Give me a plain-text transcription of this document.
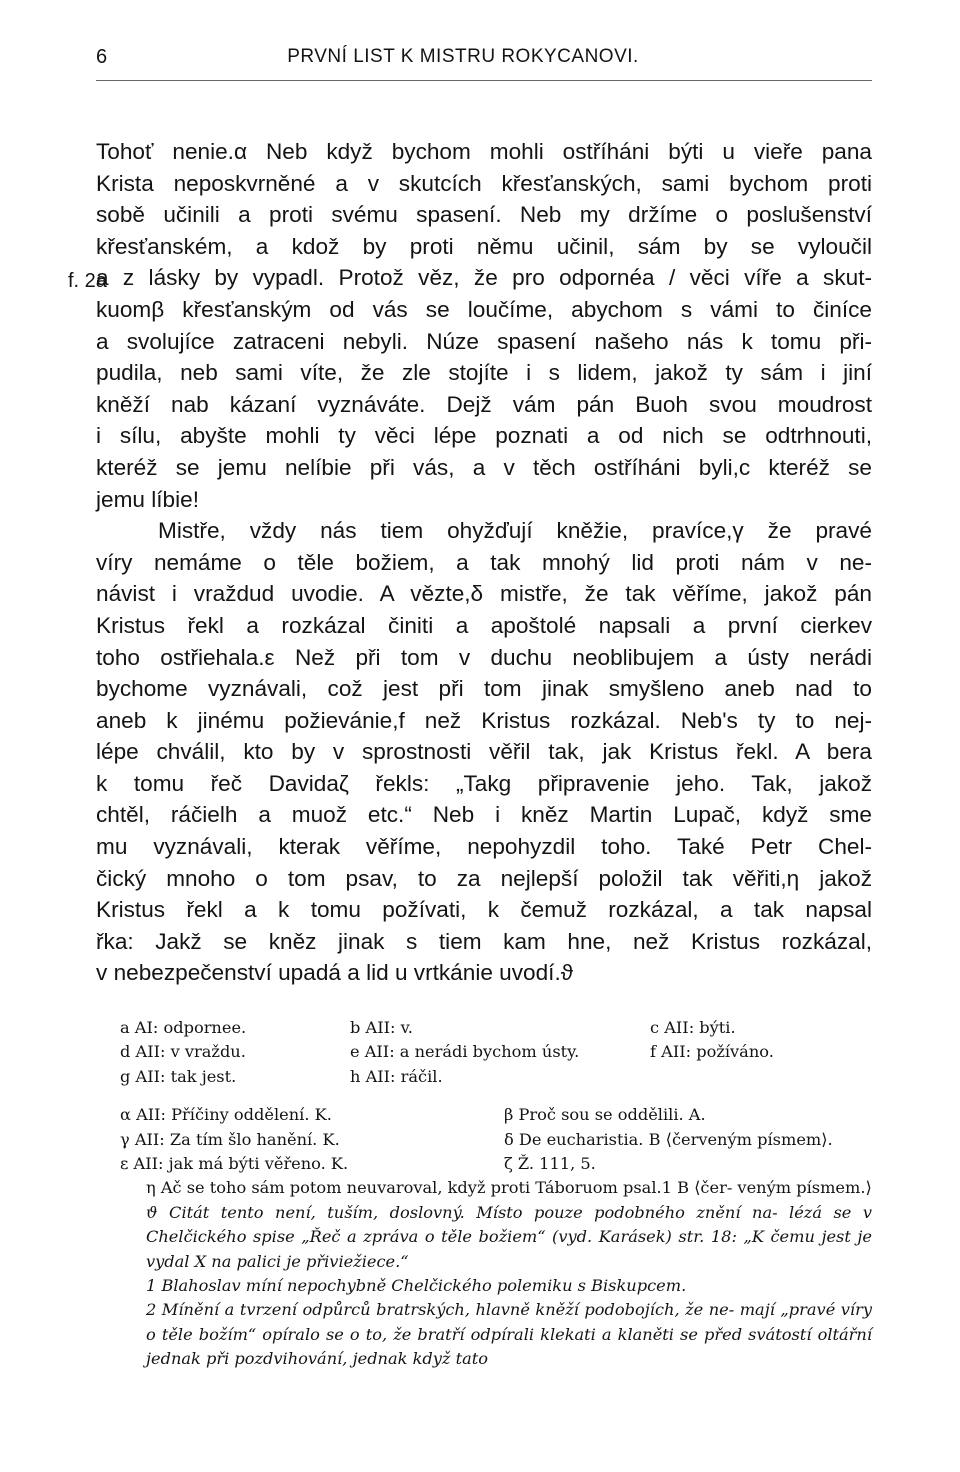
6	PRVNÍ LIST K MISTRU ROKYCANOVI.
f. 2a
Tohoť nenie.α Neb když bychom mohli ostříháni býti u vieře pana
Krista neposkvrněné a v skutcích křesťanských, sami bychom proti
sobě učinili a proti svému spasení. Neb my držíme o poslušenství
křesťanském, a kdož by proti němu učinil, sám by se vyloučil
a z lásky by vypadl. Protož věz, že pro odpornéa / věci víře a skut-
kuomβ křesťanským od vás se loučíme, abychom s vámi to činíce
a svolujíce zatraceni nebyli. Núze spasení našeho nás k tomu při-
pudila, neb sami víte, že zle stojíte i s lidem, jakož ty sám i jiní
kněží nab kázaní vyznáváte. Dejž vám pán Buoh svou moudrost
i sílu, abyšte mohli ty věci lépe poznati a od nich se odtrhnouti,
kteréž se jemu nelíbie při vás, a v těch ostříháni byli,c kteréž se
jemu líbie!
Mistře, vždy nás tiem ohyžďují kněžie, pravíce,γ že pravé
víry nemáme o těle božiem, a tak mnohý lid proti nám v ne-
návist i vraždud uvodie. A vězte,δ mistře, že tak věříme, jakož pán
Kristus řekl a rozkázal činiti a apoštolé napsali a první cierkev
toho ostřiehala.ε Než při tom v duchu neoblibujem a ústy nerádi
bychome vyznávali, což jest při tom jinak smyšleno aneb nad to
aneb k jinému požievánie,f než Kristus rozkázal. Neb's ty to nej-
lépe chválil, kto by v sprostnosti věřil tak, jak Kristus řekl. A bera
k tomu řeč Davidaζ řekls: „Takg připravenie jeho. Tak, jakož
chtěl, ráčielh a muož etc.“ Neb i kněz Martin Lupač, když sme
mu vyznávali, kterak věříme, nepohyzdil toho. Také Petr Chel-
čický mnoho o tom psav, to za nejlepší položil tak věřiti,η jakož
Kristus řekl a k tomu požívati, k čemuž rozkázal, a tak napsal
řka: Jakž se kněz jinak s tiem kam hne, než Kristus rozkázal,
v nebezpečenství upadá a lid u vrtkánie uvodí.ϑ
a AI: odpornee.	b AII: v.	c AII: býti.
d AII: v vraždu.	e AII: a nerádi bychom ústy.	f AII: požíváno.
g AII: tak jest.	h AII: ráčil.
α AII: Příčiny oddělení. K.	β Proč sou se oddělili. A.
γ AII: Za tím šlo hanění. K.	δ De eucharistia. B ⟨červeným písmem⟩.
ε AII: jak má býti věřeno. K.	ζ Ž. 111, 5.
η Ač se toho sám potom neuvaroval, když proti Táboruom psal.1 B ⟨čer- veným písmem.⟩
ϑ Citát tento není, tuším, doslovný. Místo pouze podobného znění na- lézá se v Chelčického spise „Řeč a zpráva o těle božiem“ (vyd. Karásek) str. 18: „K čemu jest je vydal X na palici je přiviežiece.“
1 Blahoslav míní nepochybně Chelčického polemiku s Biskupcem.
2 Mínění a tvrzení odpůrců bratrských, hlavně kněží podobojích, že ne- mají „pravé víry o těle božím“ opíralo se o to, že bratří odpírali klekati a klaněti se před svátostí oltářní jednak při pozdvihování, jednak když tato
